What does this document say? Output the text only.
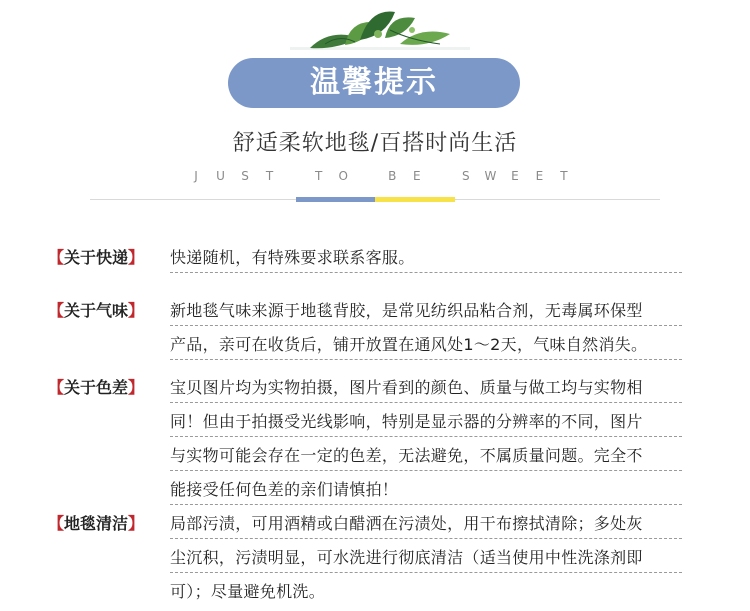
温馨提示
舒适柔软地毯/百搭时尚生活
J	U S T	T O	B E	S W E E T
【关于快递】 快递随机，有特殊要求联系客服。
【关于气味】 新地毯气味来源于地毯背胶，是常见纺织品粘合剂，无毒属环保型
产品，亲可在收货后，铺开放置在通风处1～2天，气味自然消失。
【关于色差】 宝贝图片均为实物拍摄，图片看到的颜色、质量与做工均与实物相
同！但由于拍摄受光线影响，特别是显示器的分辨率的不同，图片
与实物可能会存在一定的色差，无法避免，不属质量问题。完全不
能接受任何色差的亲们请慎拍！
【地毯清洁】 局部污渍，可用酒精或白醋洒在污渍处，用干布擦拭清除；多处灰
尘沉积，污渍明显，可水洗进行彻底清洁（适当使用中性洗涤剂即
可）；尽量避免机洗。
